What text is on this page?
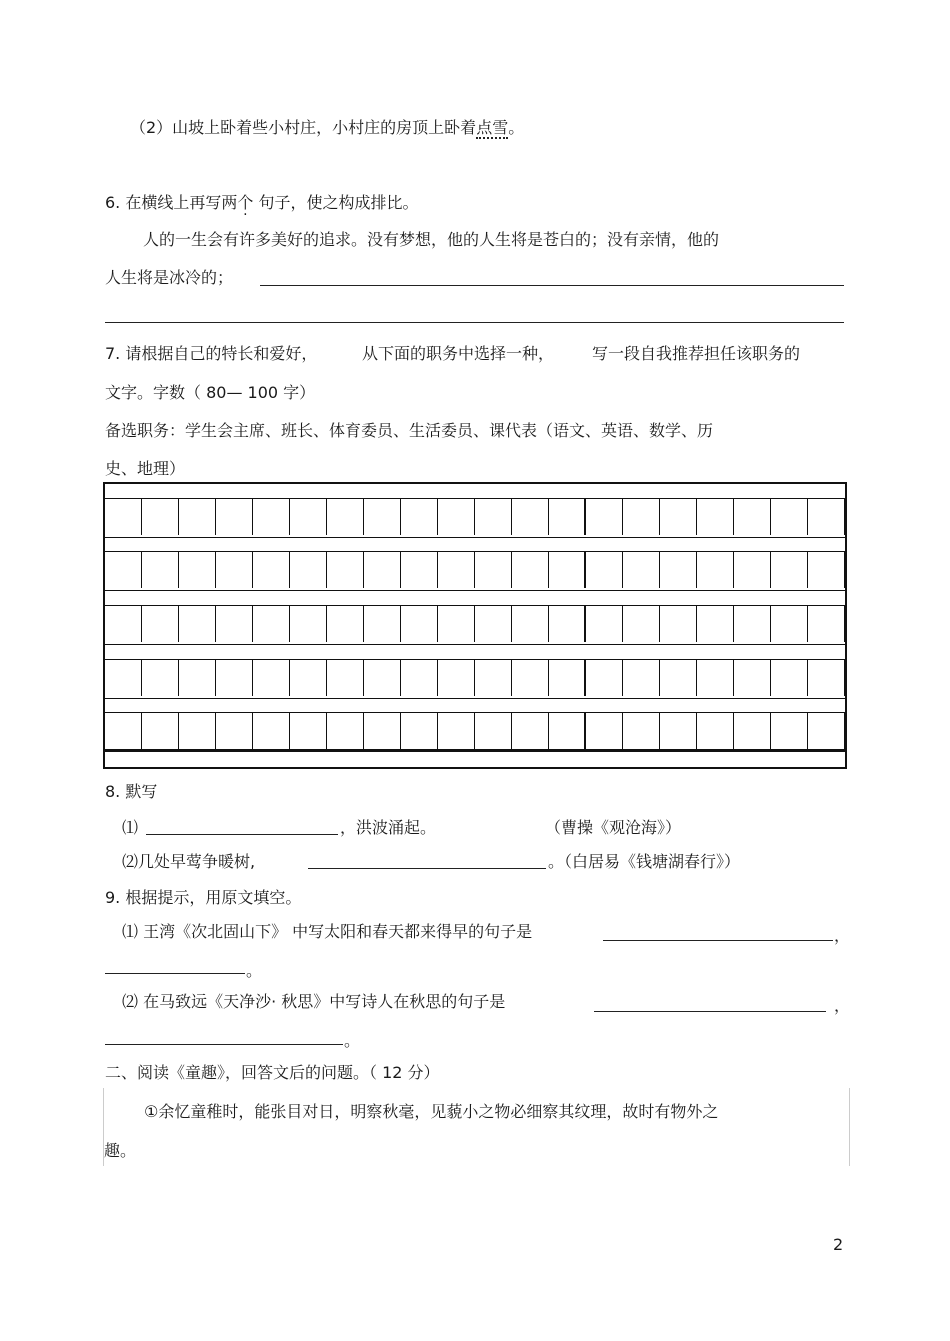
（2）山坡上卧着些小村庄，小村庄的房顶上卧着点雪。
6. 在横线上再写两个 句子，使之构成排比。
人的一生会有许多美好的追求。没有梦想，他的人生将是苍白的；没有亲情，他的
人生将是冰冷的；
7. 请根据自己的特长和爱好，	从下面的职务中选择一种， 写一段自我推荐担任该职务的
文字。字数（ 80— 100 字）
备选职务：学生会主席、班长、体育委员、生活委员、课代表（语文、英语、数学、历
史、地理）
8. 默写
⑴	，洪波涌起。	（曹操《观沧海》）
⑵几处早莺争暖树,	。（白居易《钱塘湖春行》）
9. 根据提示，用原文填空。
⑴ 王湾《次北固山下》 中写太阳和春天都来得早的句子是	，
。
⑵ 在马致远《天净沙· 秋思》中写诗人在秋思的句子是	，
。
二、阅读《童趣》，回答文后的问题。（ 12 分）
①余忆童稚时，能张目对日，明察秋毫，见藐小之物必细察其纹理，故时有物外之
趣。
2
